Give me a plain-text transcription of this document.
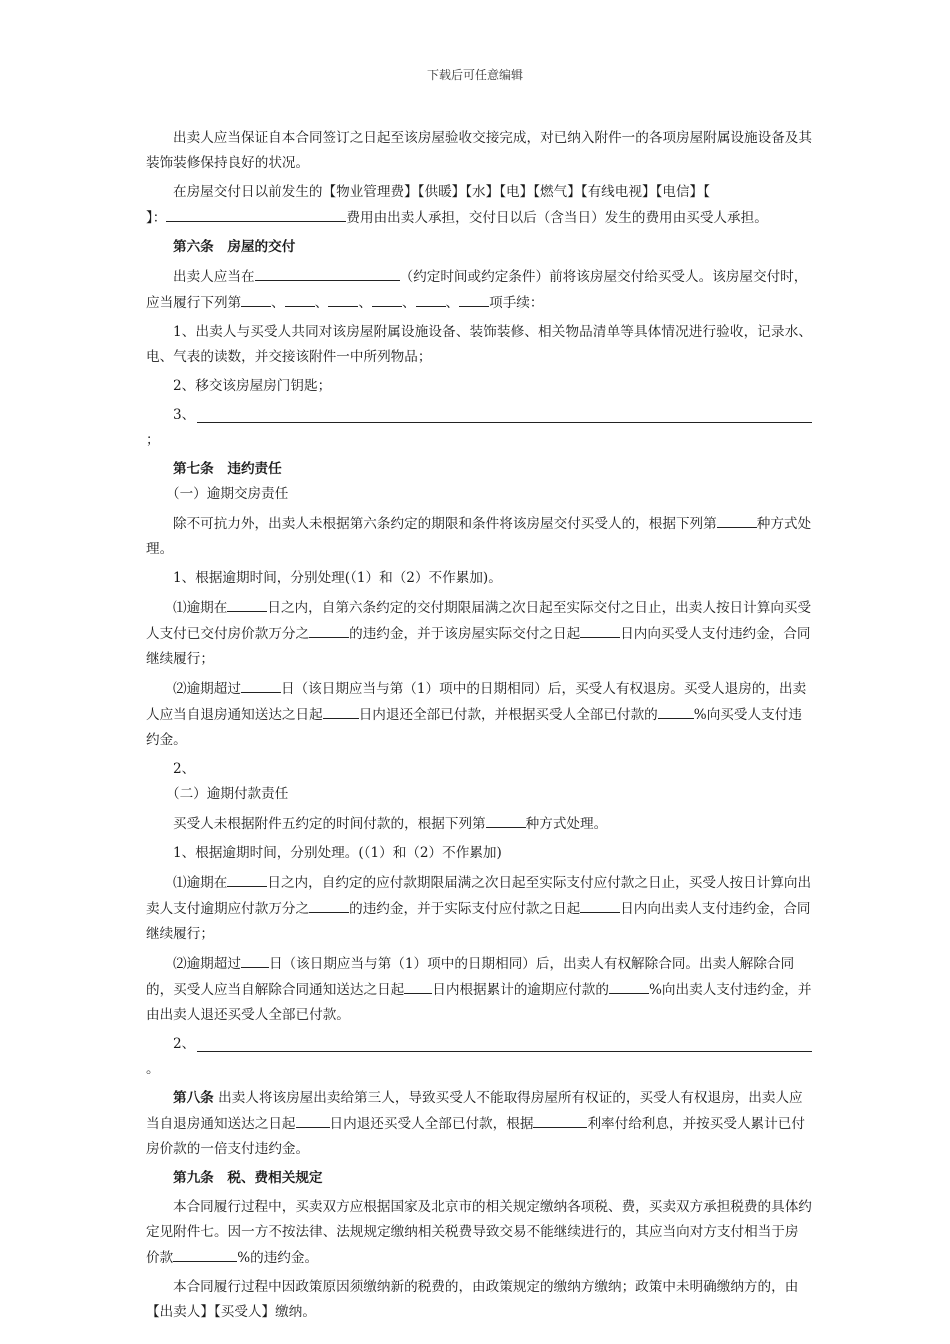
下载后可任意编辑

出卖人应当保证自本合同签订之日起至该房屋验收交接完成，对已纳入附件一的各项房屋附属设施设备及其装饰装修保持良好的状况。

在房屋交付日以前发生的【物业管理费】【供暖】【水】【电】【燃气】【有线电视】【电信】【
】：	费用由出卖人承担，交付日以后（含当日）发生的费用由买受人承担。

第六条　房屋的交付

出卖人应当在	（约定时间或约定条件）前将该房屋交付给买受人。该房屋交付时，应当履行下列第 、 、 、 、 、 项手续：

1、出卖人与买受人共同对该房屋附属设施设备、装饰装修、相关物品清单等具体情况进行验收，记录水、电、气表的读数，并交接该附件一中所列物品；

2、移交该房屋房门钥匙；

3、

；

第七条　违约责任

（一）逾期交房责任

除不可抗力外，出卖人未根据第六条约定的期限和条件将该房屋交付买受人的，根据下列第	种方式处理。

1、根据逾期时间，分别处理(（1）和（2）不作累加)。

⑴逾期在	日之内，自第六条约定的交付期限届满之次日起至实际交付之日止，出卖人按日计算向买受人支付已交付房价款万分之	的违约金，并于该房屋实际交付之日起	日内向买受人支付违约金，合同继续履行；

⑵逾期超过	日（该日期应当与第（1）项中的日期相同）后，买受人有权退房。买受人退房的，出卖人应当自退房通知送达之日起	日内退还全部已付款，并根据买受人全部已付款的	%向买受人支付违约金。

2、

（二）逾期付款责任

买受人未根据附件五约定的时间付款的，根据下列第	种方式处理。

1、根据逾期时间，分别处理。(（1）和（2）不作累加)

⑴逾期在	日之内，自约定的应付款期限届满之次日起至实际支付应付款之日止，买受人按日计算向出卖人支付逾期应付款万分之	的违约金，并于实际支付应付款之日起	日内向出卖人支付违约金，合同继续履行；

⑵逾期超过 日（该日期应当与第（1）项中的日期相同）后，出卖人有权解除合同。出卖人解除合同的，买受人应当自解除合同通知送达之日起 日内根据累计的逾期应付款的	%向出卖人支付违约金，并由出卖人退还买受人全部已付款。

2、

。

第八条 出卖人将该房屋出卖给第三人，导致买受人不能取得房屋所有权证的，买受人有权退房，出卖人应当自退房通知送达之日起	日内退还买受人全部已付款，根据	利率付给利息，并按买受人累计已付房价款的一倍支付违约金。

第九条　税、费相关规定

本合同履行过程中，买卖双方应根据国家及北京市的相关规定缴纳各项税、费，买卖双方承担税费的具体约定见附件七。因一方不按法律、法规规定缴纳相关税费导致交易不能继续进行的，其应当向对方支付相当于房价款	%的违约金。

本合同履行过程中因政策原因须缴纳新的税费的，由政策规定的缴纳方缴纳；政策中未明确缴纳方的，由【出卖人】【买受人】缴纳。
